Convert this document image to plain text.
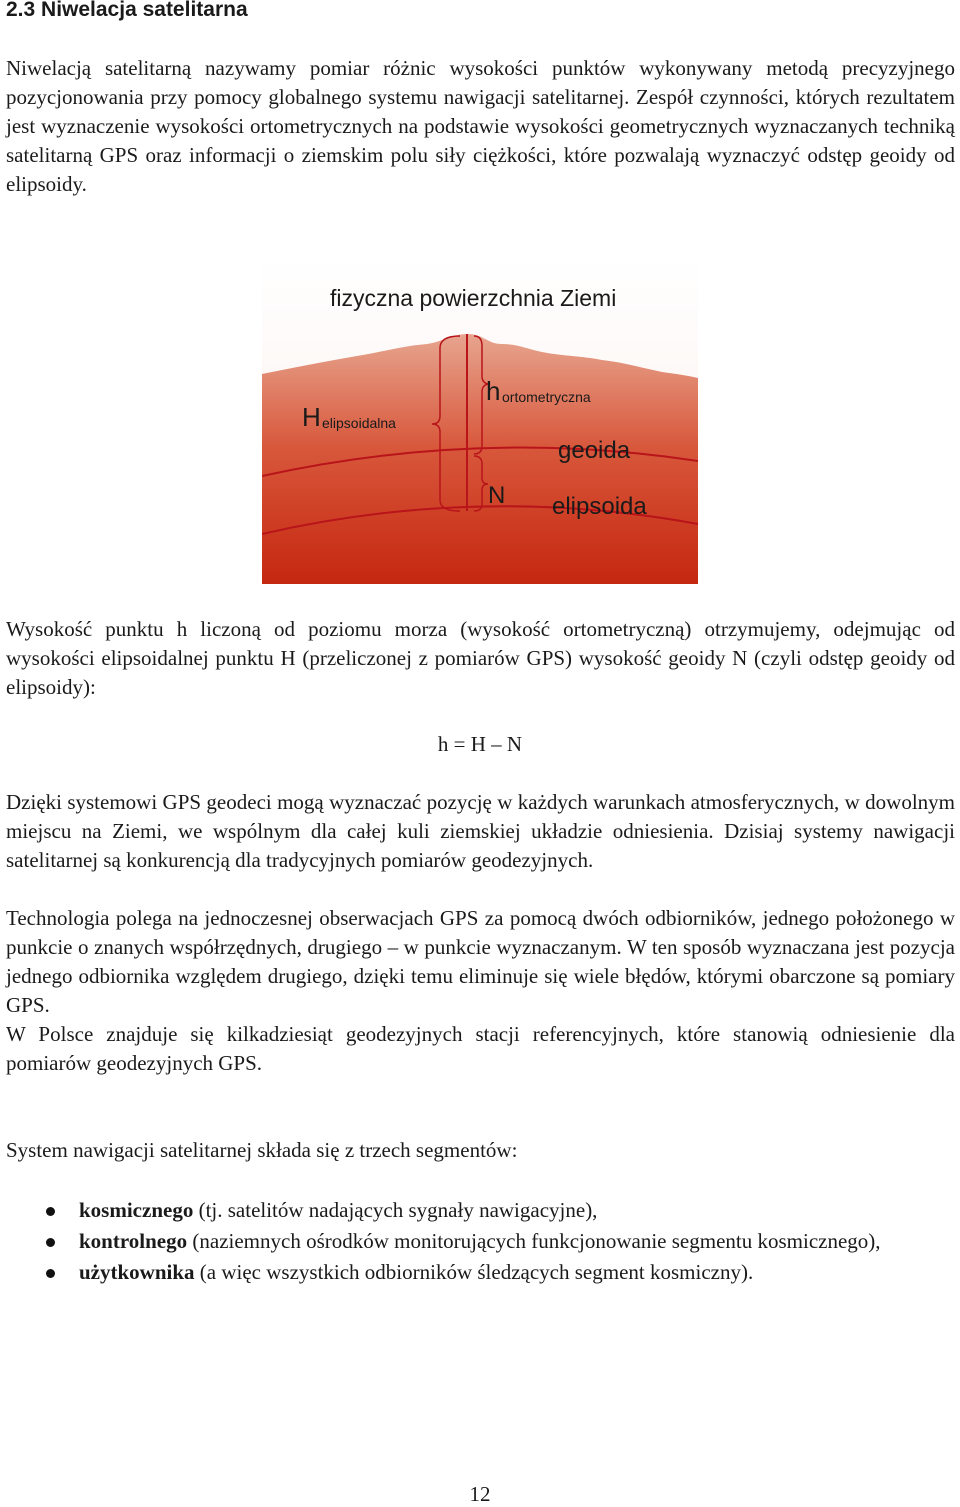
2.3 Niwelacja satelitarna

Niwelacją satelitarną nazywamy pomiar różnic wysokości punktów wykonywany metodą precyzyjnego pozycjonowania przy pomocy globalnego systemu nawigacji satelitarnej. Zespół czynności, których rezultatem jest wyznaczenie wysokości ortometrycznych na podstawie wysokości geometrycznych wyznaczanych techniką satelitarną GPS oraz informacji o ziemskim polu siły ciężkości, które pozwalają wyznaczyć odstęp geoidy od elipsoidy.

fizyczna powierzchnia Ziemi
h ortometryczna
H elipsoidalna
geoida
N elipsoida

Wysokość punktu h liczoną od poziomu morza (wysokość ortometryczną) otrzymujemy, odejmując od wysokości elipsoidalnej punktu H (przeliczonej z pomiarów GPS) wysokość geoidy N (czyli odstęp geoidy od elipsoidy):

h = H – N

Dzięki systemowi GPS geodeci mogą wyznaczać pozycję w każdych warunkach atmosferycznych, w dowolnym miejscu na Ziemi, we wspólnym dla całej kuli ziemskiej układzie odniesienia. Dzisiaj systemy nawigacji satelitarnej są konkurencją dla tradycyjnych pomiarów geodezyjnych.

Technologia polega na jednoczesnej obserwacjach GPS za pomocą dwóch odbiorników, jednego położonego w punkcie o znanych współrzędnych, drugiego – w punkcie wyznaczanym. W ten sposób wyznaczana jest pozycja jednego odbiornika względem drugiego, dzięki temu eliminuje się wiele błędów, którymi obarczone są pomiary GPS.

W Polsce znajduje się kilkadziesiąt geodezyjnych stacji referencyjnych, które stanowią odniesienie dla pomiarów geodezyjnych GPS.

System nawigacji satelitarnej składa się z trzech segmentów:

kosmicznego (tj. satelitów nadających sygnały nawigacyjne),
kontrolnego (naziemnych ośrodków monitorujących funkcjonowanie segmentu kosmicznego),
użytkownika (a więc wszystkich odbiorników śledzących segment kosmiczny).
12
